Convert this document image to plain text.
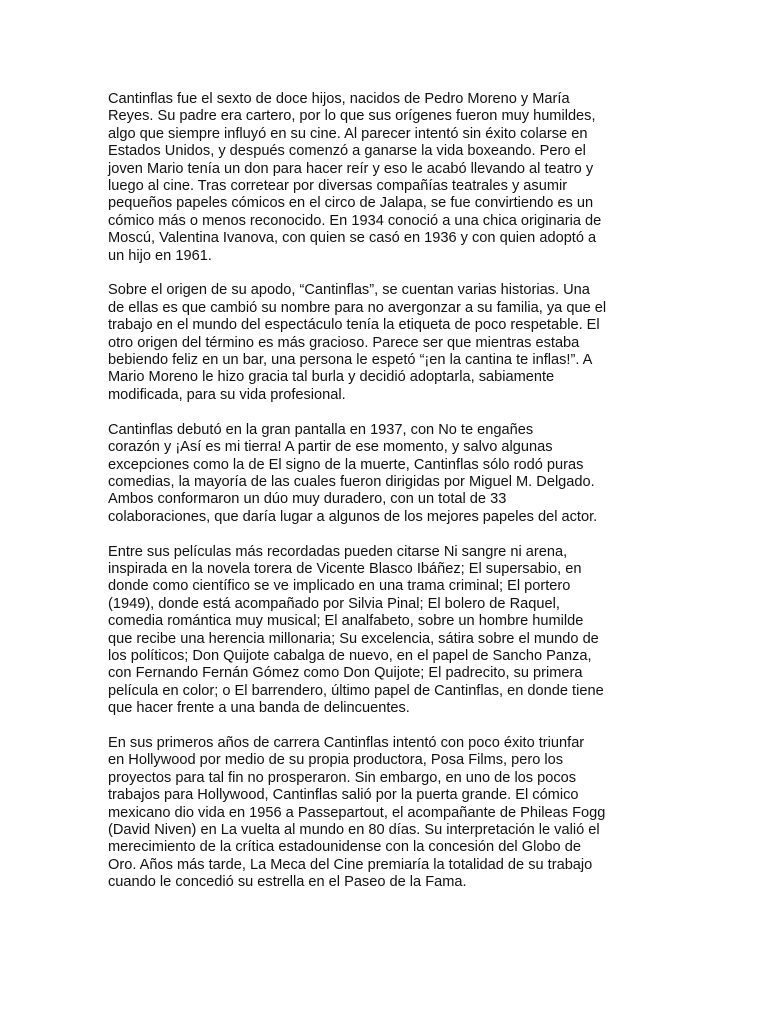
Cantinflas fue el sexto de doce hijos, nacidos de Pedro Moreno y María
Reyes. Su padre era cartero, por lo que sus orígenes fueron muy humildes,
algo que siempre influyó en su cine. Al parecer intentó sin éxito colarse en
Estados Unidos, y después comenzó a ganarse la vida boxeando. Pero el
joven Mario tenía un don para hacer reír y eso le acabó llevando al teatro y
luego al cine. Tras corretear por diversas compañías teatrales y asumir
pequeños papeles cómicos en el circo de Jalapa, se fue convirtiendo es un
cómico más o menos reconocido. En 1934 conoció a una chica originaria de
Moscú, Valentina Ivanova, con quien se casó en 1936 y con quien adoptó a
un hijo en 1961.

Sobre el origen de su apodo, “Cantinflas”, se cuentan varias historias. Una
de ellas es que cambió su nombre para no avergonzar a su familia, ya que el
trabajo en el mundo del espectáculo tenía la etiqueta de poco respetable. El
otro origen del término es más gracioso. Parece ser que mientras estaba
bebiendo feliz en un bar, una persona le espetó “¡en la cantina te inflas!”. A
Mario Moreno le hizo gracia tal burla y decidió adoptarla, sabiamente
modificada, para su vida profesional.

Cantinflas debutó en la gran pantalla en 1937, con No te engañes
corazón y ¡Así es mi tierra! A partir de ese momento, y salvo algunas
excepciones como la de El signo de la muerte, Cantinflas sólo rodó puras
comedias, la mayoría de las cuales fueron dirigidas por Miguel M. Delgado.
Ambos conformaron un dúo muy duradero, con un total de 33
colaboraciones, que daría lugar a algunos de los mejores papeles del actor.

Entre sus películas más recordadas pueden citarse Ni sangre ni arena,
inspirada en la novela torera de Vicente Blasco Ibáñez; El supersabio, en
donde como científico se ve implicado en una trama criminal; El portero
(1949), donde está acompañado por Silvia Pinal; El bolero de Raquel,
comedia romántica muy musical; El analfabeto, sobre un hombre humilde
que recibe una herencia millonaria; Su excelencia, sátira sobre el mundo de
los políticos; Don Quijote cabalga de nuevo, en el papel de Sancho Panza,
con Fernando Fernán Gómez como Don Quijote; El padrecito, su primera
película en color; o El barrendero, último papel de Cantinflas, en donde tiene
que hacer frente a una banda de delincuentes.

En sus primeros años de carrera Cantinflas intentó con poco éxito triunfar
en Hollywood por medio de su propia productora, Posa Films, pero los
proyectos para tal fin no prosperaron. Sin embargo, en uno de los pocos
trabajos para Hollywood, Cantinflas salió por la puerta grande. El cómico
mexicano dio vida en 1956 a Passepartout, el acompañante de Phileas Fogg
(David Niven) en La vuelta al mundo en 80 días. Su interpretación le valió el
merecimiento de la crítica estadounidense con la concesión del Globo de
Oro. Años más tarde, La Meca del Cine premiaría la totalidad de su trabajo
cuando le concedió su estrella en el Paseo de la Fama.
